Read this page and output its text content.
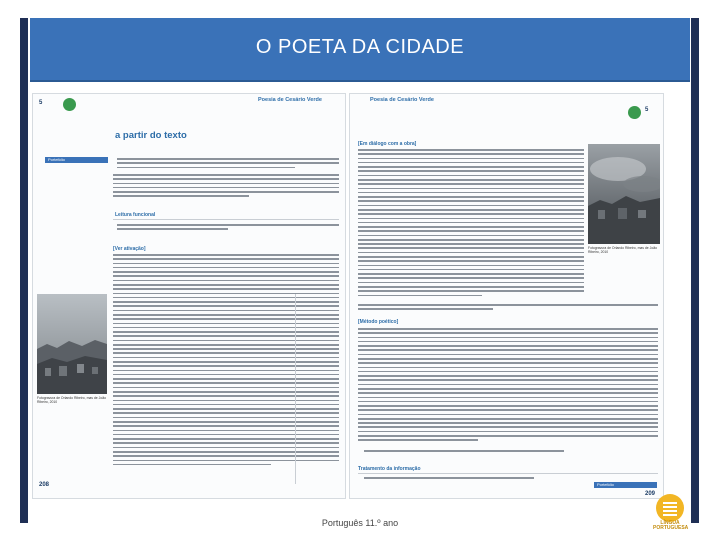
O POETA DA CIDADE
5	Poesia de Cesário Verde
a partir do texto
Portefólio
Leitura funcional
[Ver ativação]
Fotogravura de Orlando Ribeiro, mas de João Ribeiro, 2010
208
Poesia de Cesário Verde
5
[Em diálogo com a obra]
Fotogravura de Orlando Ribeiro, mas de João Ribeiro, 2010
[Método poético]
Tratamento da informação
Portefólio
209
Português 11.º ano	LÍNGUA PORTUGUESA
